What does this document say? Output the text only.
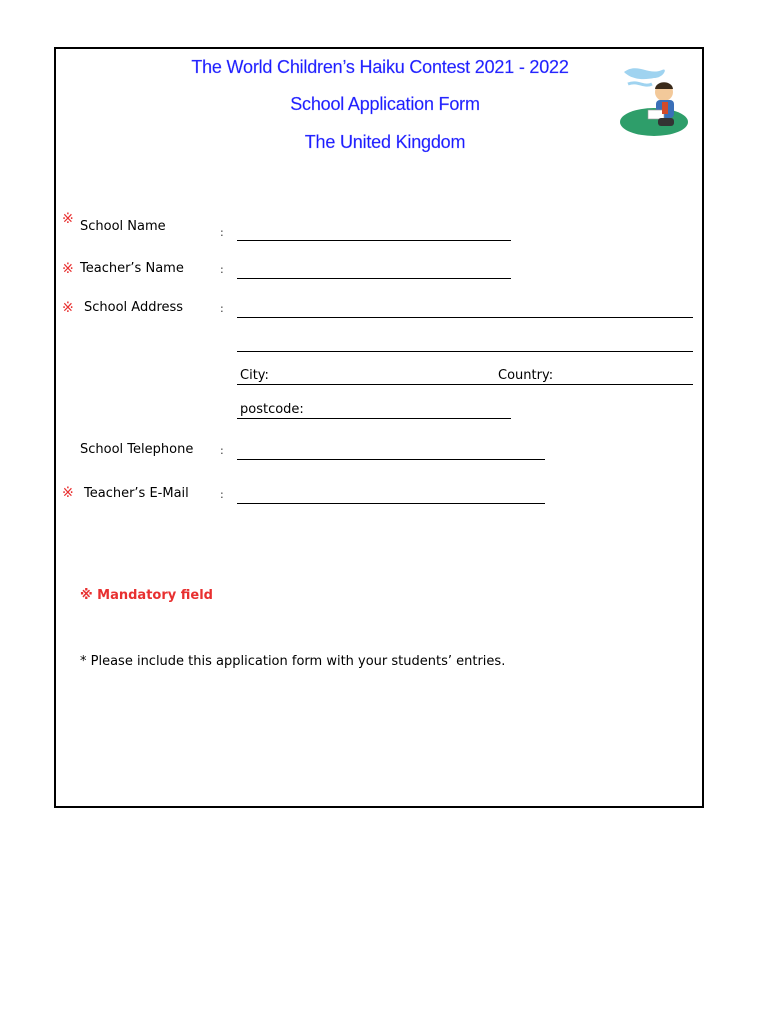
The World Children’s Haiku Contest 2021 - 2022
School Application Form
The United Kingdom
※ School Name	:
※ Teacher’s Name	:
※ School Address	:
City:	Country:
postcode:
School Telephone :
※ Teacher’s E-Mail	:
※ Mandatory field
* Please include this application form with your students’ entries.
